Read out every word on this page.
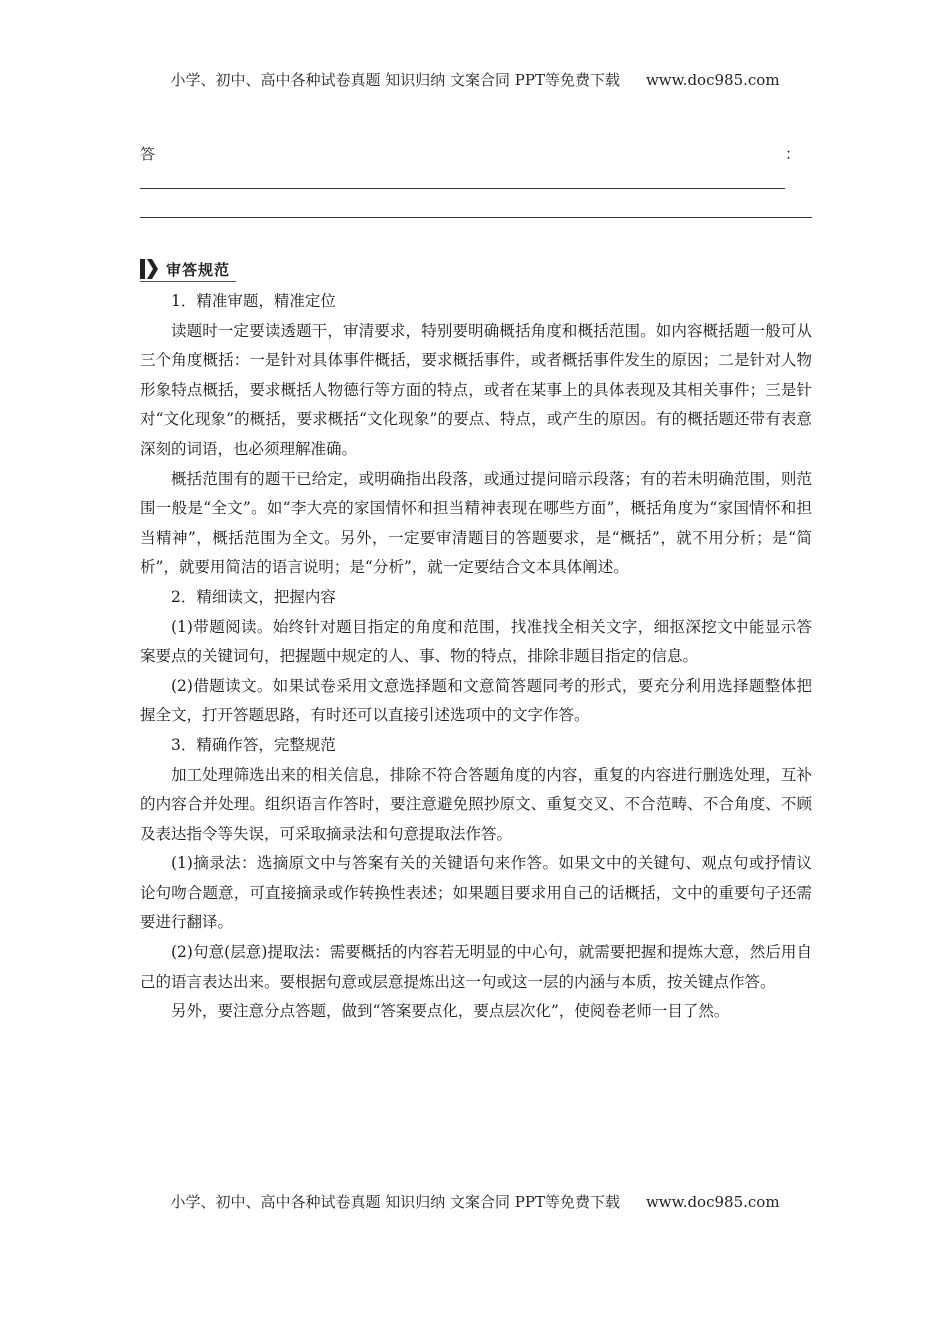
小学、初中、高中各种试卷真题 知识归纳 文案合同 PPT等免费下载 www.doc985.com
答	：
审答规范

1．精准审题，精准定位

读题时一定要读透题干，审清要求，特别要明确概括角度和概括范围。如内容概括题一般可从三个角度概括：一是针对具体事件概括，要求概括事件，或者概括事件发生的原因；二是针对人物形象特点概括，要求概括人物德行等方面的特点，或者在某事上的具体表现及其相关事件；三是针对“文化现象”的概括，要求概括“文化现象”的要点、特点，或产生的原因。有的概括题还带有表意深刻的词语，也必须理解准确。

概括范围有的题干已给定，或明确指出段落，或通过提问暗示段落；有的若未明确范围，则范围一般是“全文”。如“李大亮的家国情怀和担当精神表现在哪些方面”，概括角度为“家国情怀和担当精神”，概括范围为全文。另外，一定要审清题目的答题要求，是“概括”，就不用分析；是“简析”，就要用简洁的语言说明；是“分析”，就一定要结合文本具体阐述。

2．精细读文，把握内容

(1)带题阅读。始终针对题目指定的角度和范围，找准找全相关文字，细抠深挖文中能显示答案要点的关键词句，把握题中规定的人、事、物的特点，排除非题目指定的信息。

(2)借题读文。如果试卷采用文意选择题和文意简答题同考的形式，要充分利用选择题整体把握全文，打开答题思路，有时还可以直接引述选项中的文字作答。

3．精确作答，完整规范

加工处理筛选出来的相关信息，排除不符合答题角度的内容，重复的内容进行删选处理，互补的内容合并处理。组织语言作答时，要注意避免照抄原文、重复交叉、不合范畴、不合角度、不顾及表达指令等失误，可采取摘录法和句意提取法作答。

(1)摘录法：选摘原文中与答案有关的关键语句来作答。如果文中的关键句、观点句或抒情议论句吻合题意，可直接摘录或作转换性表述；如果题目要求用自己的话概括，文中的重要句子还需要进行翻译。

(2)句意(层意)提取法：需要概括的内容若无明显的中心句，就需要把握和提炼大意，然后用自己的语言表达出来。要根据句意或层意提炼出这一句或这一层的内涵与本质，按关键点作答。

另外，要注意分点答题，做到“答案要点化，要点层次化”，使阅卷老师一目了然。

小学、初中、高中各种试卷真题 知识归纳 文案合同 PPT等免费下载 www.doc985.com
